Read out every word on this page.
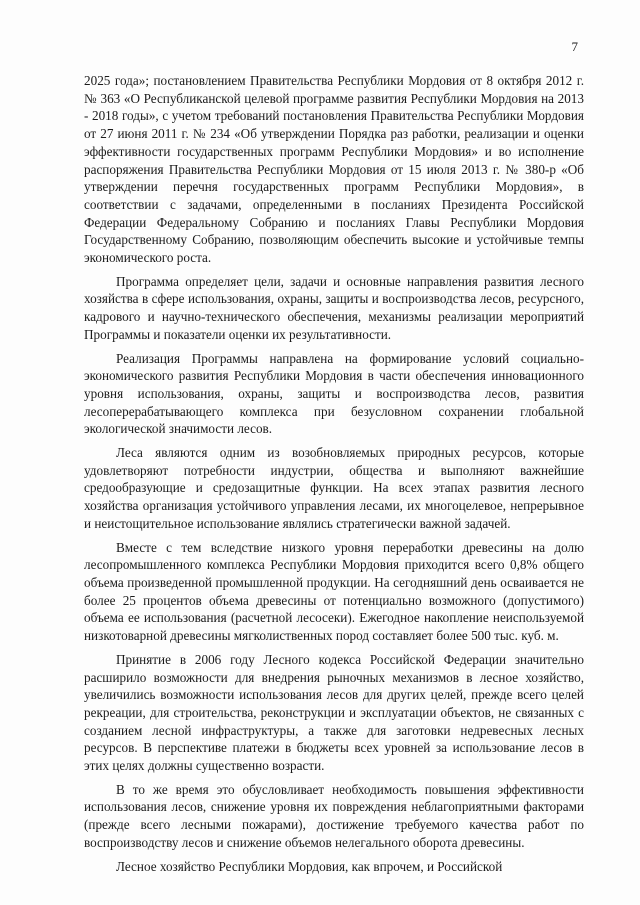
7

2025 года»; постановлением Правительства Республики Мордовия от 8 октября 2012 г. № 363 «О Республиканской целевой программе развития Республики Мордовия на 2013 - 2018 годы», с учетом требований постановления Правительства Республики Мордовия от 27 июня 2011 г. № 234 «Об утверждении Порядка раз работки, реализации и оценки эффективности государственных программ Республики Мордовия» и во исполнение распоряжения Правительства Республики Мордовия от 15 июля 2013 г. № 380-р «Об утверждении перечня государственных программ Республики Мордовия», в соответствии с задачами, определенными в посланиях Президента Российской Федерации Федеральному Собранию и посланиях Главы Республики Мордовия Государственному Собранию, позволяющим обеспечить высокие и устойчивые темпы экономического роста.

Программа определяет цели, задачи и основные направления развития лесного хозяйства в сфере использования, охраны, защиты и воспроизводства лесов, ресурсного, кадрового и научно-технического обеспечения, механизмы реализации мероприятий Программы и показатели оценки их результативности.

Реализация Программы направлена на формирование условий социально-экономического развития Республики Мордовия в части обеспечения инновационного уровня использования, охраны, защиты и воспроизводства лесов, развития лесоперерабатывающего комплекса при безусловном сохранении глобальной экологической значимости лесов.

Леса являются одним из возобновляемых природных ресурсов, которые удовлетворяют потребности индустрии, общества и выполняют важнейшие средообразующие и средозащитные функции. На всех этапах развития лесного хозяйства организация устойчивого управления лесами, их многоцелевое, непрерывное и неистощительное использование являлись стратегически важной задачей.

Вместе с тем вследствие низкого уровня переработки древесины на долю лесопромышленного комплекса Республики Мордовия приходится всего 0,8% общего объема произведенной промышленной продукции. На сегодняшний день осваивается не более 25 процентов объема древесины от потенциально возможного (допустимого) объема ее использования (расчетной лесосеки). Ежегодное накопление неиспользуемой низкотоварной древесины мягколиственных пород составляет более 500 тыс. куб. м.

Принятие в 2006 году Лесного кодекса Российской Федерации значительно расширило возможности для внедрения рыночных механизмов в лесное хозяйство, увеличились возможности использования лесов для других целей, прежде всего целей рекреации, для строительства, реконструкции и эксплуатации объектов, не связанных с созданием лесной инфраструктуры, а также для заготовки недревесных лесных ресурсов. В перспективе платежи в бюджеты всех уровней за использование лесов в этих целях должны существенно возрасти.

В то же время это обусловливает необходимость повышения эффективности использования лесов, снижение уровня их повреждения неблагоприятными факторами (прежде всего лесными пожарами), достижение требуемого качества работ по воспроизводству лесов и снижение объемов нелегального оборота древесины.

Лесное хозяйство Республики Мордовия, как впрочем, и Российской
